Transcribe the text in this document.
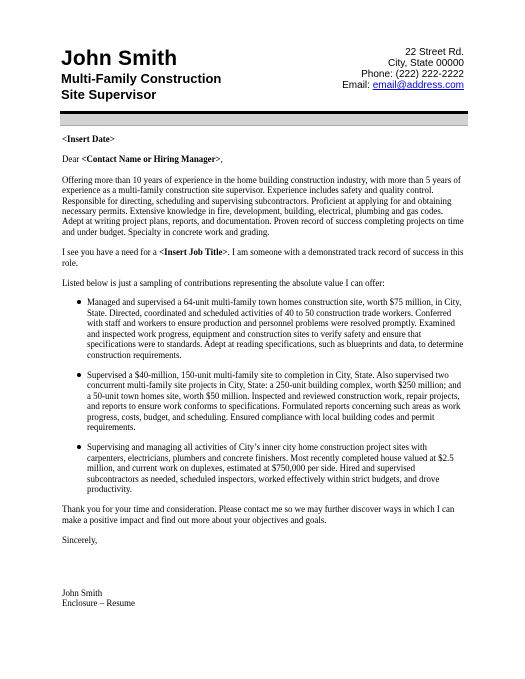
John Smith
Multi-Family Construction
Site Supervisor
22 Street Rd.
City, State 00000
Phone: (222) 222-2222
Email: email@address.com

<Insert Date>

Dear <Contact Name or Hiring Manager>,

Offering more than 10 years of experience in the home building construction industry, with more than 5 years of experience as a multi-family construction site supervisor. Experience includes safety and quality control. Responsible for directing, scheduling and supervising subcontractors. Proficient at applying for and obtaining necessary permits. Extensive knowledge in fire, development, building, electrical, plumbing and gas codes. Adept at writing project plans, reports, and documentation. Proven record of success completing projects on time and under budget. Specialty in concrete work and grading.

I see you have a need for a <Insert Job Title>. I am someone with a demonstrated track record of success in this role.

Listed below is just a sampling of contributions representing the absolute value I can offer:

Managed and supervised a 64-unit multi-family town homes construction site, worth $75 million, in City, State. Directed, coordinated and scheduled activities of 40 to 50 construction trade workers. Conferred with staff and workers to ensure production and personnel problems were resolved promptly. Examined and inspected work progress, equipment and construction sites to verify safety and ensure that specifications were to standards. Adept at reading specifications, such as blueprints and data, to determine construction requirements.
Supervised a $40-million, 150-unit multi-family site to completion in City, State. Also supervised two concurrent multi-family site projects in City, State: a 250-unit building complex, worth $250 million; and a 50-unit town homes site, worth $50 million. Inspected and reviewed construction work, repair projects, and reports to ensure work conforms to specifications. Formulated reports concerning such areas as work progress, costs, budget, and scheduling. Ensured compliance with local building codes and permit requirements.
Supervising and managing all activities of City’s inner city home construction project sites with carpenters, electricians, plumbers and concrete finishers. Most recently completed house valued at $2.5 million, and current work on duplexes, estimated at $750,000 per side. Hired and supervised subcontractors as needed, scheduled inspectors, worked effectively within strict budgets, and drove productivity.

Thank you for your time and consideration. Please contact me so we may further discover ways in which I can make a positive impact and find out more about your objectives and goals.

Sincerely,

John Smith

Enclosure – Resume
